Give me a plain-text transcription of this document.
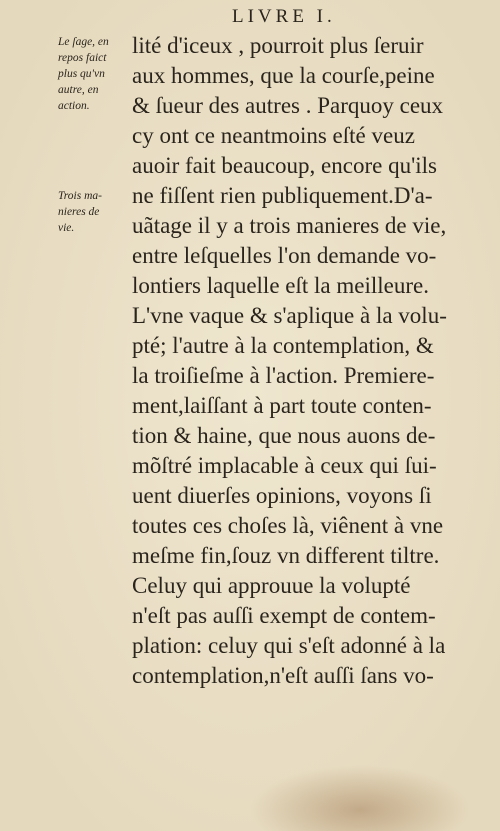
LIVRE I.
Le ſage, en
repos faict
plus qu'vn
autre, en
action.
Trois ma-
nieres de
vie.
lité d'iceux , pourroit plus ſeruir
aux hommes, que la courſe,peine
& ſueur des autres . Parquoy ceux
cy ont ce neantmoins eſté veuz
auoir fait beaucoup, encore qu'ils
ne fiſſent rien publiquement.D'a-
uãtage il y a trois manieres de vie,
entre leſquelles l'on demande vo-
lontiers laquelle eſt la meilleure.
L'vne vaque & s'aplique à la volu-
pté; l'autre à la contemplation, &
la troiſieſme à l'action. Premiere-
ment,laiſſant à part toute conten-
tion & haine, que nous auons de-
mõſtré implacable à ceux qui ſui-
uent diuerſes opinions, voyons ſi
toutes ces choſes là, viênent à vne
meſme fin,ſouz vn different tiltre.
Celuy qui approuue la volupté
n'eſt pas auſſi exempt de contem-
plation: celuy qui s'eſt adonné à la
contemplation,n'eſt auſſi ſans vo-
